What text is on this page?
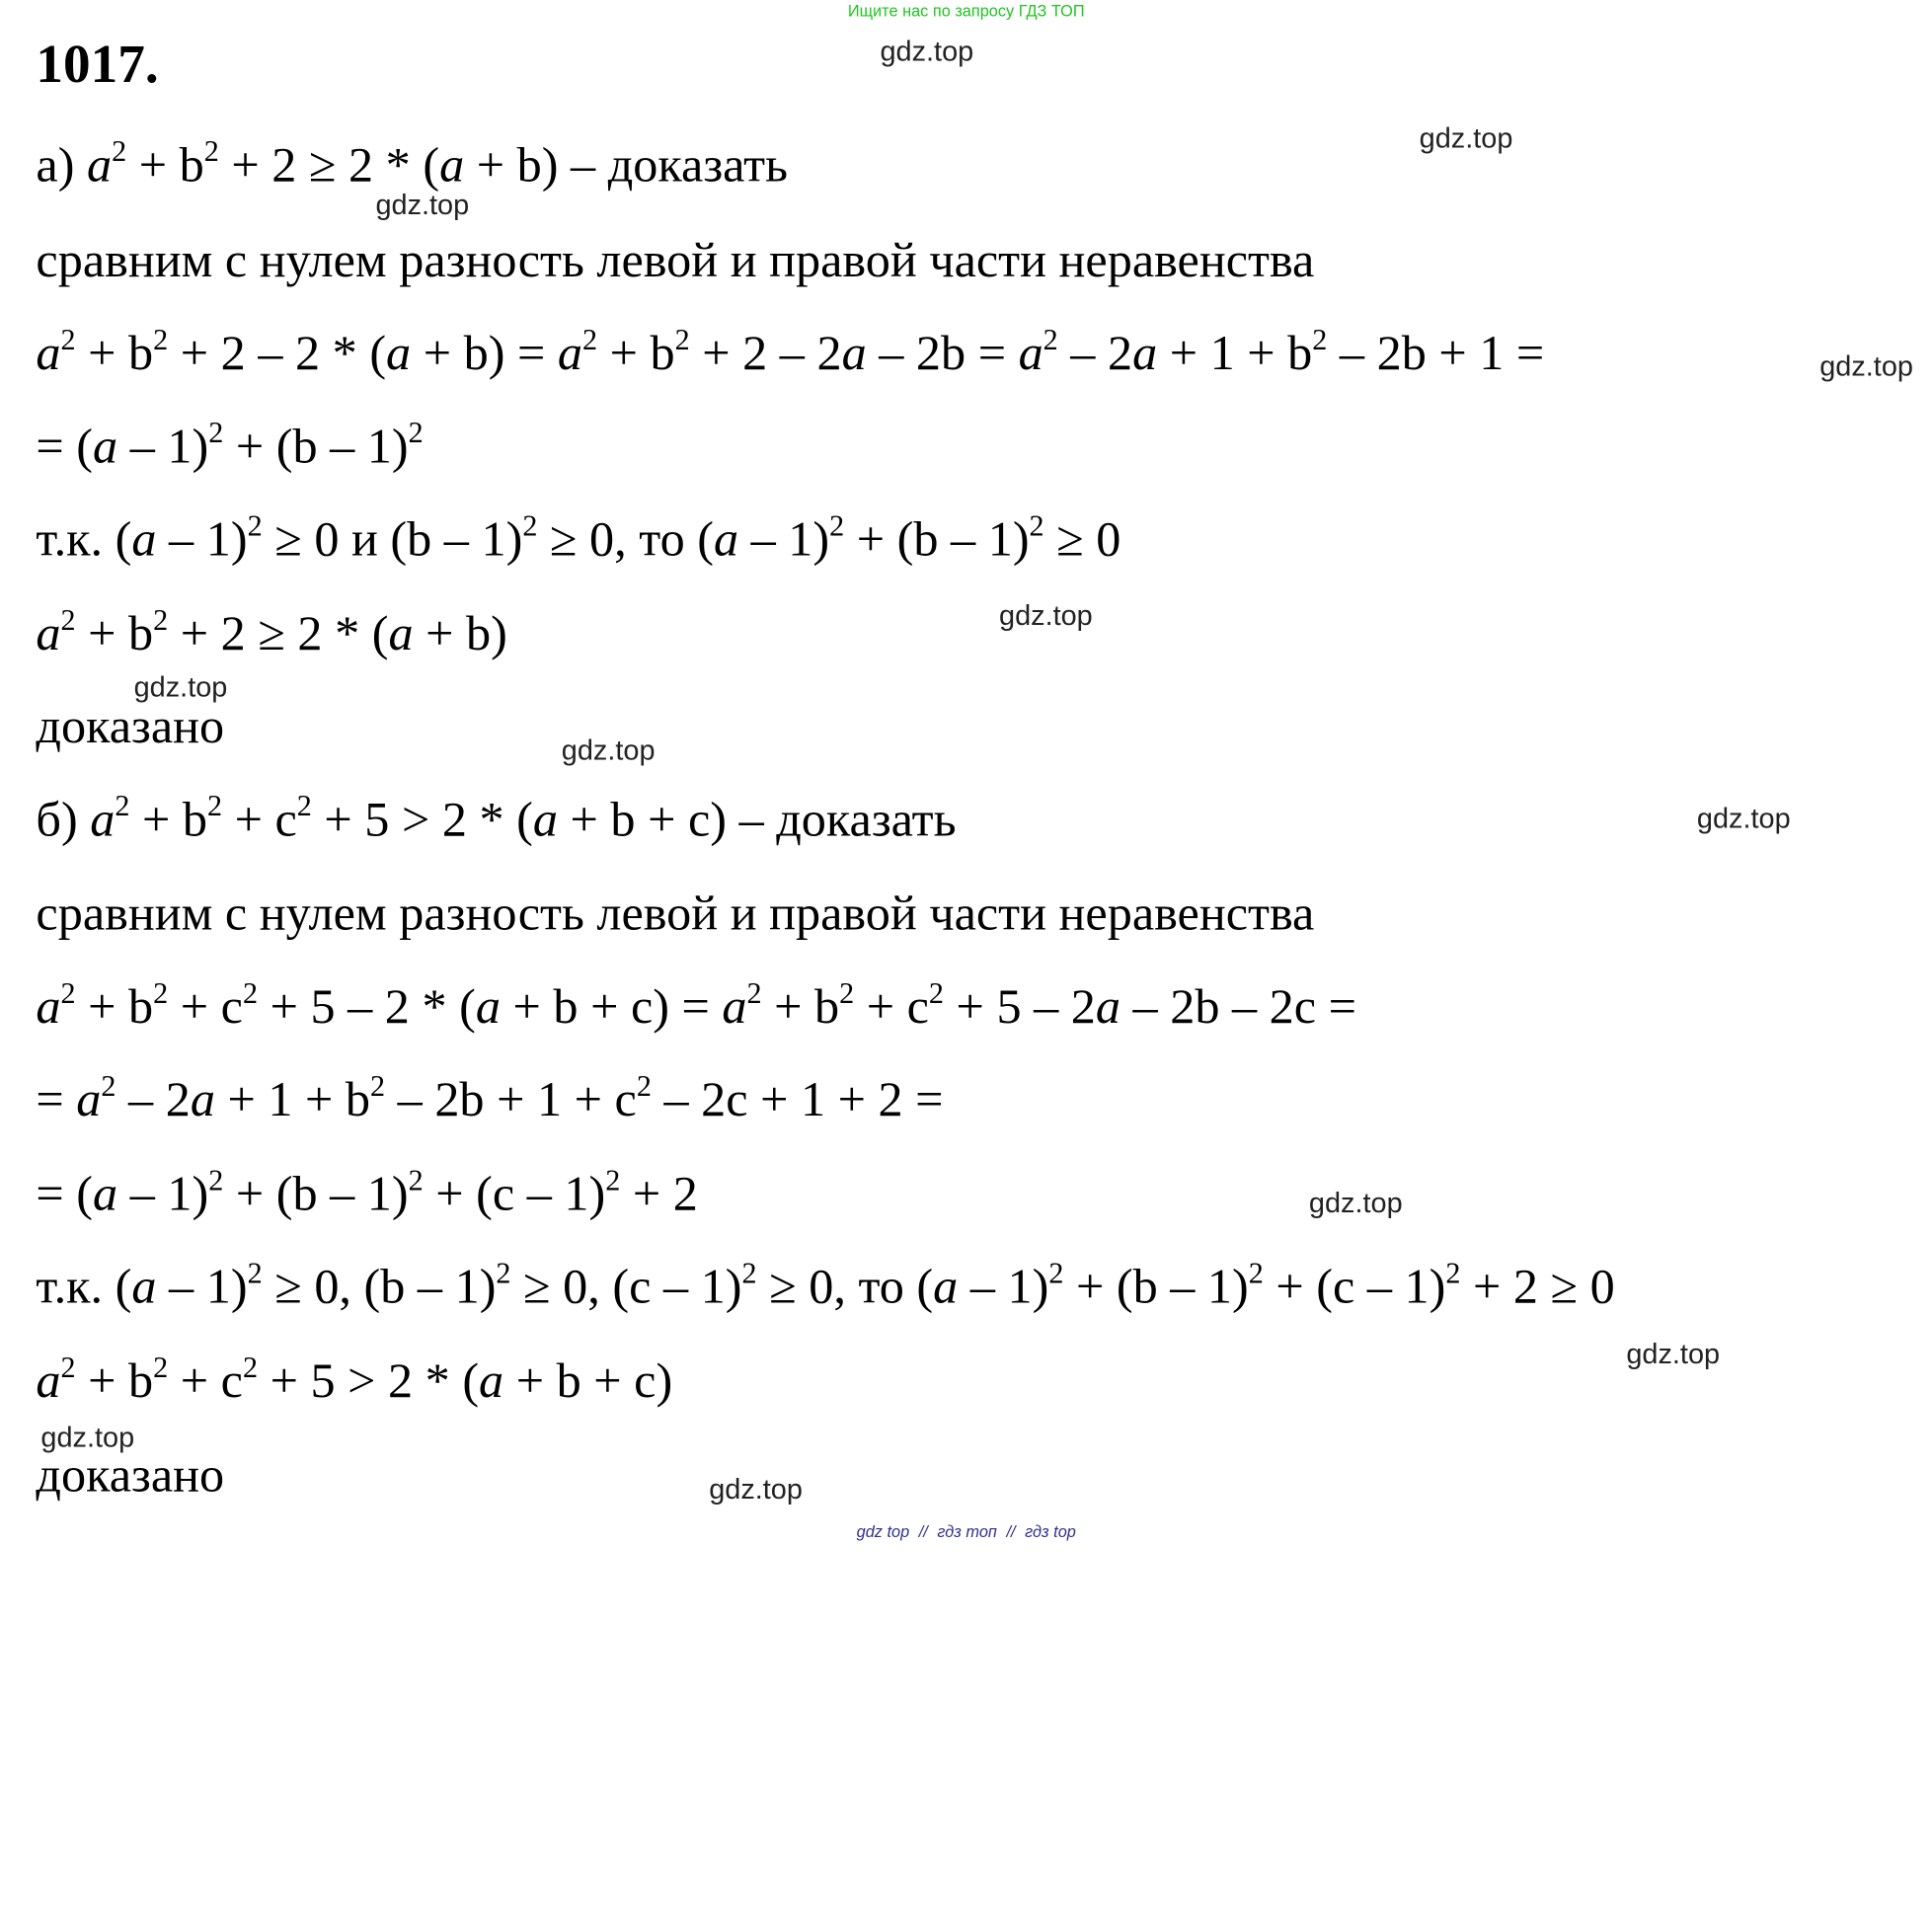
Ищите нас по запросу ГДЗ ТОП
1017.
а) $a^2 + b^2 + 2 \ge 2 * (a + b)$ – доказать
сравним с нулем разность левой и правой части неравенства
$a^2 + b^2 + 2 - 2 * (a + b) = a^2 + b^2 + 2 - 2a - 2b = a^2 - 2a + 1 + b^2 - 2b + 1$ =
= (a – 1)$^2$ + (b – 1)$^2$
т.к. (a – 1)$^2$ ≥ 0 и (b – 1)$^2$ ≥ 0, то (a – 1)$^2$ + (b – 1)$^2$ ≥ 0
$a^2 + b^2 + 2 \ge 2 * (a + b)$
доказано
б) $a^2 + b^2 + c^2 + 5 > 2 * (a + b + c)$ – доказать
сравним с нулем разность левой и правой части неравенства
$a^2 + b^2 + c^2 + 5 - 2 * (a + b + c) = a^2 + b^2 + c^2 + 5 - 2a - 2b - 2c$ =
= $a^2 - 2a + 1 + b^2 - 2b + 1 + c^2 - 2c + 1 + 2$ =
= (a – 1)$^2$ + (b – 1)$^2$ + (c – 1)$^2$ + 2
т.к. (a – 1)$^2$ ≥ 0, (b – 1)$^2$ ≥ 0, (c – 1)$^2$ ≥ 0, то (a – 1)$^2$ + (b – 1)$^2$ + (c – 1)$^2$ + 2 ≥ 0
$a^2 + b^2 + c^2 + 5 > 2 * (a + b + c)$
доказано
gdz.top
gdz.top
gdz.top
gdz.top
gdz.top
gdz.top
gdz.top
gdz.top
gdz.top
gdz.top
gdz.top
gdz.top
gdz top // гдз топ // гдз top
